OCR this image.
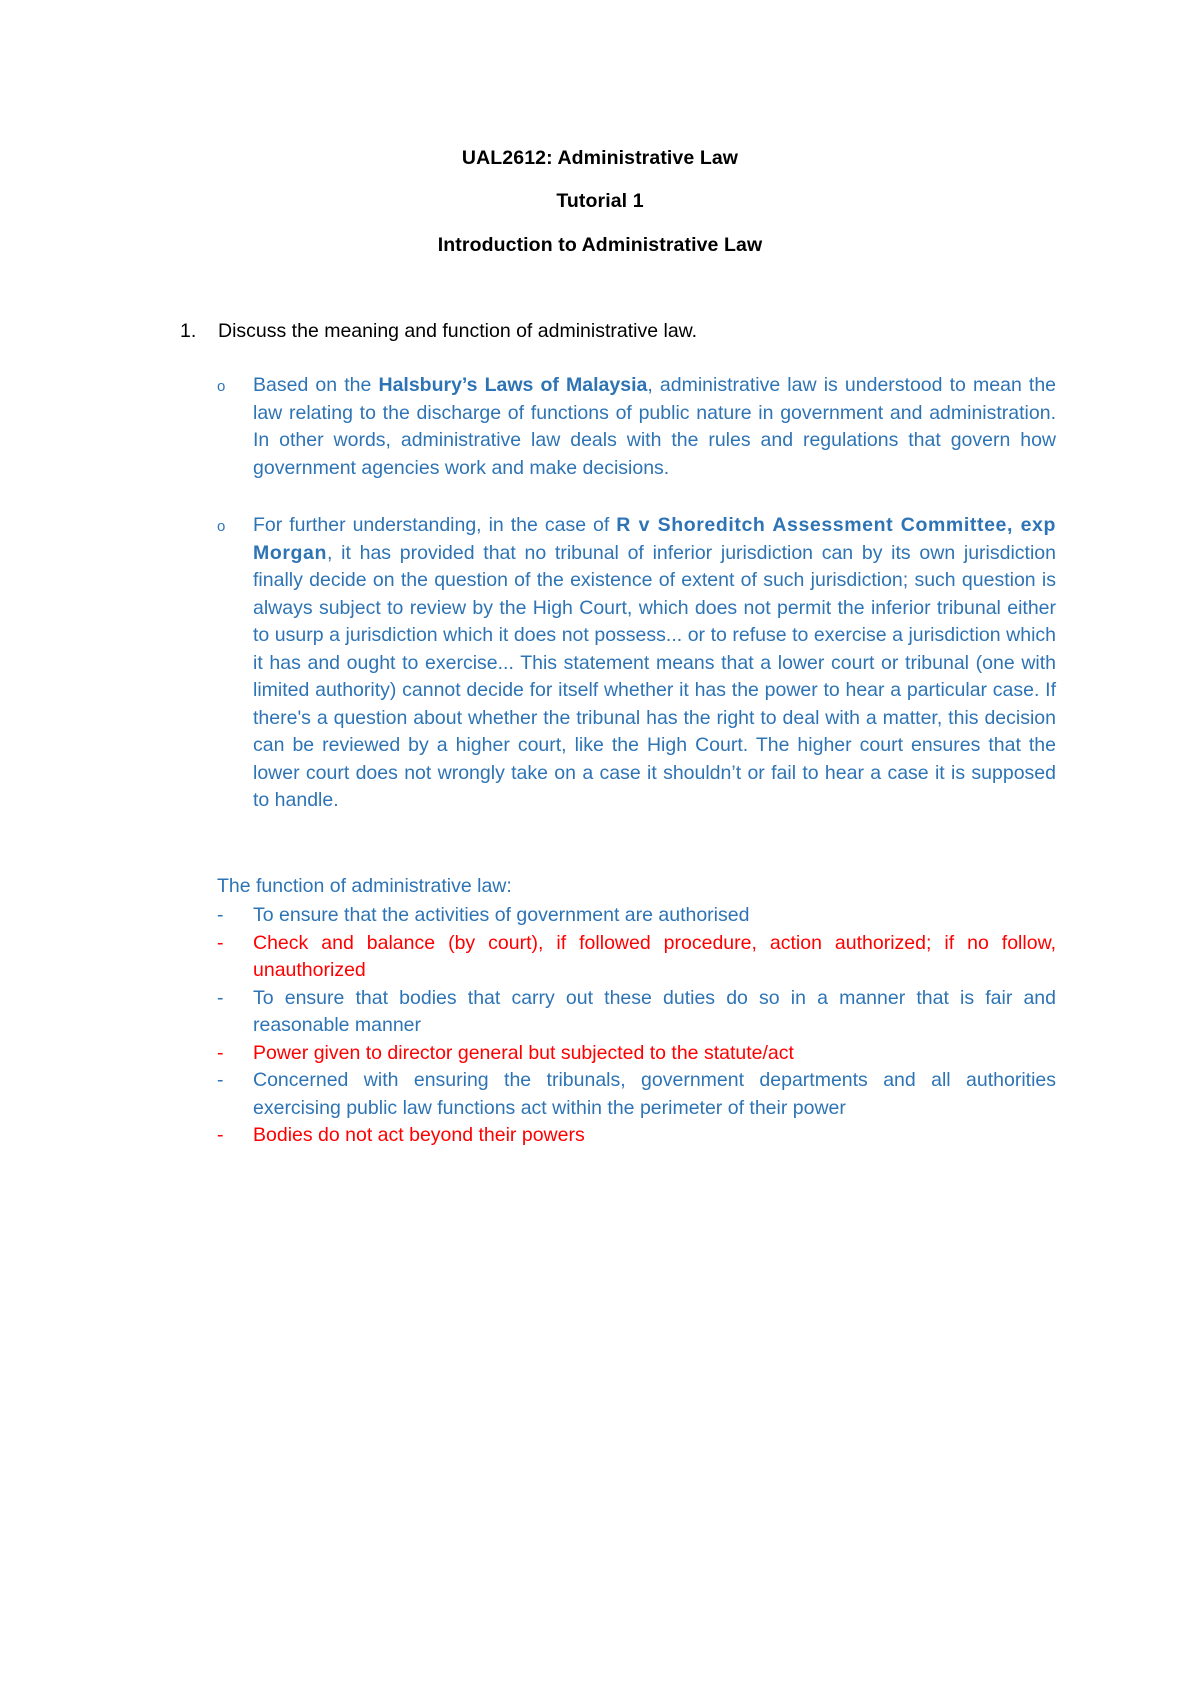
UAL2612: Administrative Law
Tutorial 1
Introduction to Administrative Law
1.	Discuss the meaning and function of administrative law.
o Based on the Halsbury’s Laws of Malaysia, administrative law is understood to mean the law relating to the discharge of functions of public nature in government and administration. In other words, administrative law deals with the rules and regulations that govern how government agencies work and make decisions.
o For further understanding, in the case of R v Shoreditch Assessment Committee, exp Morgan, it has provided that no tribunal of inferior jurisdiction can by its own jurisdiction finally decide on the question of the existence of extent of such jurisdiction; such question is always subject to review by the High Court, which does not permit the inferior tribunal either to usurp a jurisdiction which it does not possess... or to refuse to exercise a jurisdiction which it has and ought to exercise... This statement means that a lower court or tribunal (one with limited authority) cannot decide for itself whether it has the power to hear a particular case. If there's a question about whether the tribunal has the right to deal with a matter, this decision can be reviewed by a higher court, like the High Court. The higher court ensures that the lower court does not wrongly take on a case it shouldn’t or fail to hear a case it is supposed to handle.
The function of administrative law:
- To ensure that the activities of government are authorised
- Check and balance (by court), if followed procedure, action authorized; if no follow, unauthorized
- To ensure that bodies that carry out these duties do so in a manner that is fair and reasonable manner
- Power given to director general but subjected to the statute/act
- Concerned with ensuring the tribunals, government departments and all authorities exercising public law functions act within the perimeter of their power
- Bodies do not act beyond their powers
